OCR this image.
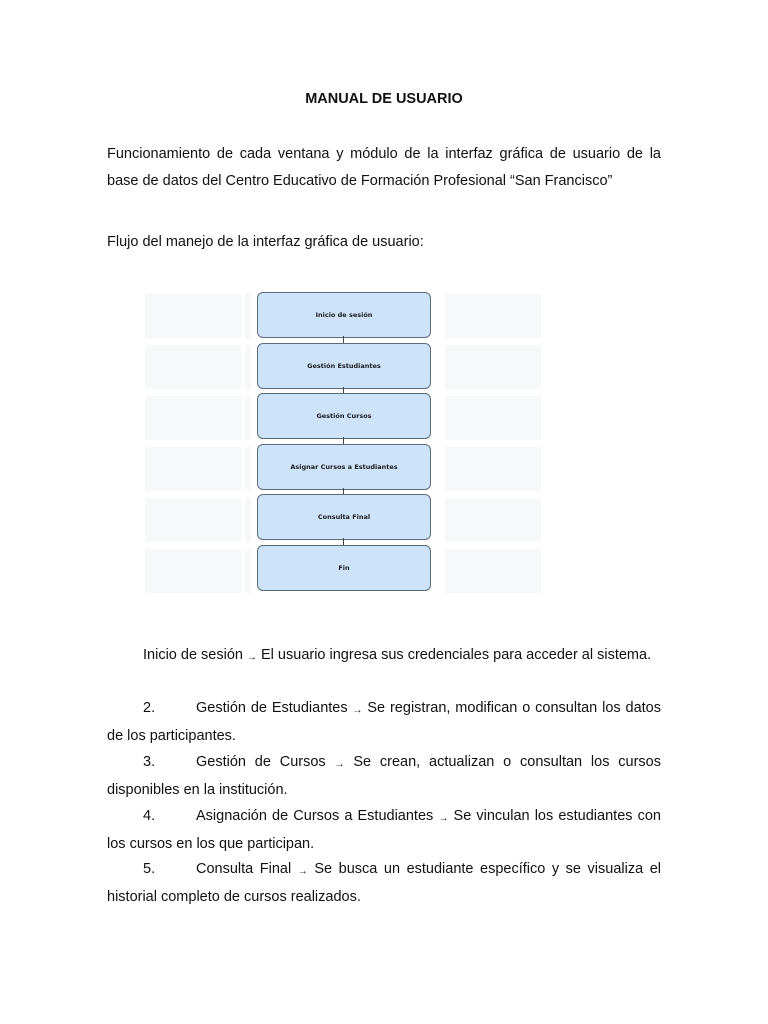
MANUAL DE USUARIO
Funcionamiento de cada ventana y módulo de la interfaz gráfica de usuario de la base de datos del Centro Educativo de Formación Profesional “San Francisco”
Flujo del manejo de la interfaz gráfica de usuario:
Inicio de sesión
Gestión Estudiantes
Gestión Cursos
Asignar Cursos a Estudiantes
Consulta Final
Fin
Inicio de sesión → El usuario ingresa sus credenciales para acceder al sistema.
2.	Gestión de Estudiantes → Se registran, modifican o consultan los datos de los participantes.
3.	Gestión de Cursos → Se crean, actualizan o consultan los cursos disponibles en la institución.
4.	Asignación de Cursos a Estudiantes → Se vinculan los estudiantes con los cursos en los que participan.
5.	Consulta Final → Se busca un estudiante específico y se visualiza el historial completo de cursos realizados.
